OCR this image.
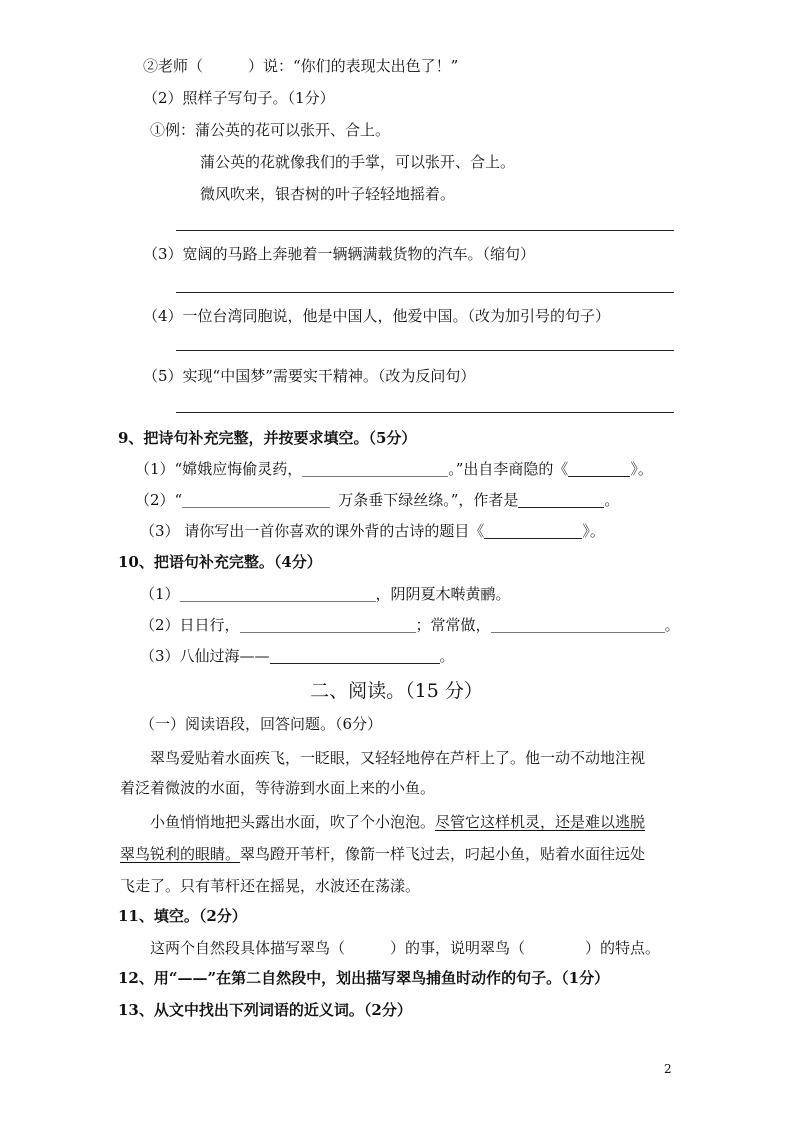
②老师（　　　）说：“你们的表现太出色了！”
（2）照样子写句子。（1分）
①例：蒲公英的花可以张开、合上。
蒲公英的花就像我们的手掌，可以张开、合上。
微风吹来，银杏树的叶子轻轻地摇着。
（3）宽阔的马路上奔驰着一辆辆满载货物的汽车。（缩句）
（4）一位台湾同胞说，他是中国人，他爱中国。（改为加引号的句子）
（5）实现“中国梦”需要实干精神。（改为反问句）
9、把诗句补充完整，并按要求填空。（5分）
（1）“嫦娥应悔偷灵药，	。”出自李商隐的《	》。
（2）“	万条垂下绿丝绦。”，作者是	。
（3） 请你写出一首你喜欢的课外背的古诗的题目《	》。
10、把语句补充完整。（4分）
（1）	，阴阴夏木啭黄鹂。
（2）日日行，	；常常做，	。
（3）八仙过海——	。
二、阅读。（15 分）
（一）阅读语段，回答问题。（6分）
翠鸟爱贴着水面疾飞，一眨眼，又轻轻地停在芦杆上了。他一动不动地注视
着泛着微波的水面，等待游到水面上来的小鱼。
小鱼悄悄地把头露出水面，吹了个小泡泡。尽管它这样机灵，还是难以逃脱
翠鸟锐利的眼睛。翠鸟蹬开苇杆，像箭一样飞过去，叼起小鱼，贴着水面往远处
飞走了。只有苇杆还在摇晃，水波还在荡漾。
11、填空。（2分）
这两个自然段具体描写翠鸟（　　　）的事，说明翠鸟（　　　　）的特点。
12、用“——”在第二自然段中，划出描写翠鸟捕鱼时动作的句子。（1分）
13、从文中找出下列词语的近义词。（2分）
2
